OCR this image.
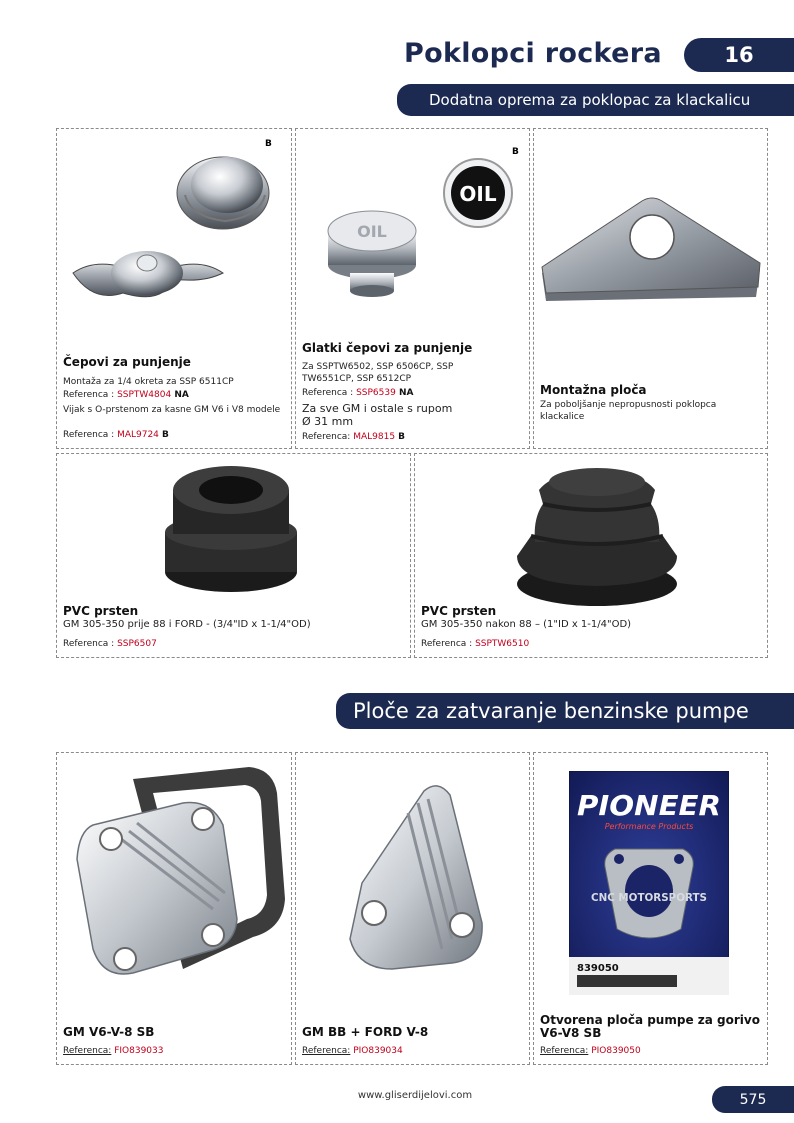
Poklopci rockera	16
Dodatna oprema za poklopac za klackalicu
B
Čepovi za punjenje
Montaža za 1/4 okreta za SSP 6511CP
Referenca : SSPTW4804 NA
Vijak s O-prstenom za kasne GM V6 i V8 modele
Referenca : MAL9724 B
B
OIL
OIL
Glatki čepovi za punjenje
Za SSPTW6502, SSP 6506CP, SSP TW6551CP, SSP 6512CP
Referenca : SSP6539 NA
Za sve GM i ostale s rupom Ø 31 mm
Referenca: MAL9815 B
Montažna ploča
Za poboljšanje nepropusnosti poklopca klackalice
PVC prsten
GM 305-350 prije 88 i FORD - (3/4"ID x 1-1/4"OD)
Referenca : SSP6507
PVC prsten
GM 305-350 nakon 88 – (1"ID x 1-1/4"OD)
Referenca : SSPTW6510
Ploče za zatvaranje benzinske pumpe
GM V6-V-8 SB
Referenca: FIO839033
GM BB + FORD V-8
Referenca: PIO839034
PIONEER
Performance Products
CNC MOTORSPORTS
839050
Otvorena ploča pumpe za gorivo
V6-V8 SB
Referenca: PIO839050
www.gliserdijelovi.com	575
